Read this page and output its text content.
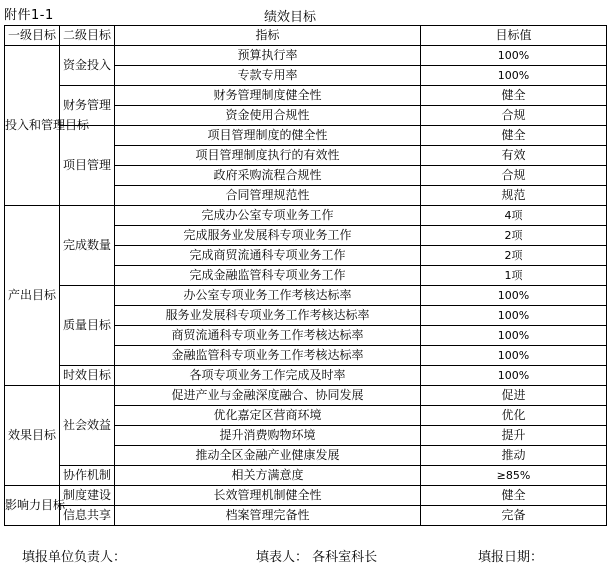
附件1-1	绩效目标
一级目标	二级目标	指标	目标值
投入和管理目标	资金投入	预算执行率	100%
		专款专用率	100%
	财务管理	财务管理制度健全性	健全
		资金使用合规性	合规
	项目管理	项目管理制度的健全性	健全
		项目管理制度执行的有效性	有效
		政府采购流程合规性	合规
		合同管理规范性	规范
产出目标	完成数量	完成办公室专项业务工作	4项
		完成服务业发展科专项业务工作	2项
		完成商贸流通科专项业务工作	2项
		完成金融监管科专项业务工作	1项
	质量目标	办公室专项业务工作考核达标率	100%
		服务业发展科专项业务工作考核达标率	100%
		商贸流通科专项业务工作考核达标率	100%
		金融监管科专项业务工作考核达标率	100%
	时效目标	各项专项业务工作完成及时率	100%
效果目标	社会效益	促进产业与金融深度融合、协同发展	促进
		优化嘉定区营商环境	优化
		提升消费购物环境	提升
		推动全区金融产业健康发展	推动
	协作机制	相关方满意度	≥85%
影响力目标	制度建设	长效管理机制健全性	健全
	信息共享	档案管理完备性	完备
填报单位负责人：	填表人： 各科室科长	填报日期：
